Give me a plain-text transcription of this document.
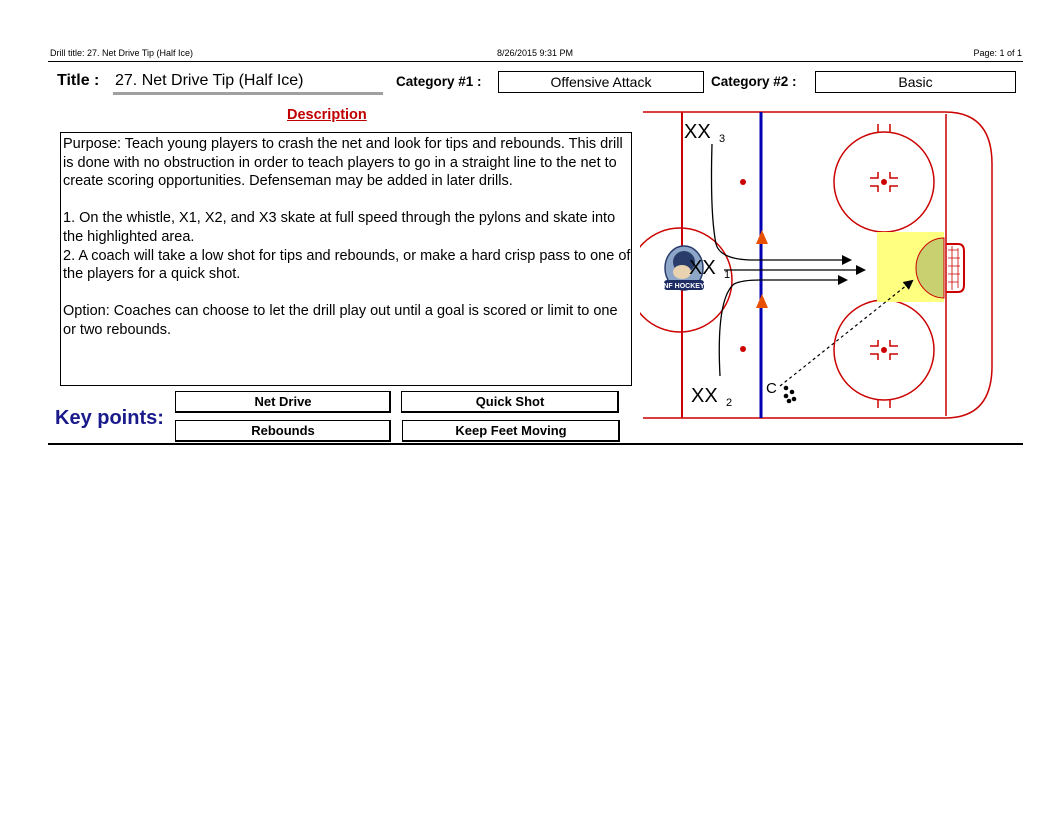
Drill title: 27. Net Drive Tip (Half Ice)	8/26/2015 9:31 PM	Page: 1 of 1
Title : 27. Net Drive Tip (Half Ice)	Category #1 :	Offensive Attack	Category #2 :	Basic
Description

Purpose: Teach young players to crash the net and look for tips and rebounds. This drill is done with no obstruction in order to teach players to go in a straight line to the net to create scoring opportunities. Defenseman may be added in later drills.

1. On the whistle, X1, X2, and X3 skate at full speed through the pylons and skate into the highlighted area.

2. A coach will take a low shot for tips and rebounds, or make a hard crisp pass to one of the players for a quick shot.

Option: Coaches can choose to let the drill play out until a goal is scored or limit to one or two rebounds.

Key points:
Net Drive	Quick Shot
Rebounds	Keep Feet Moving
NF HOCKEY
XX 3
XX 1
XX 2
C
